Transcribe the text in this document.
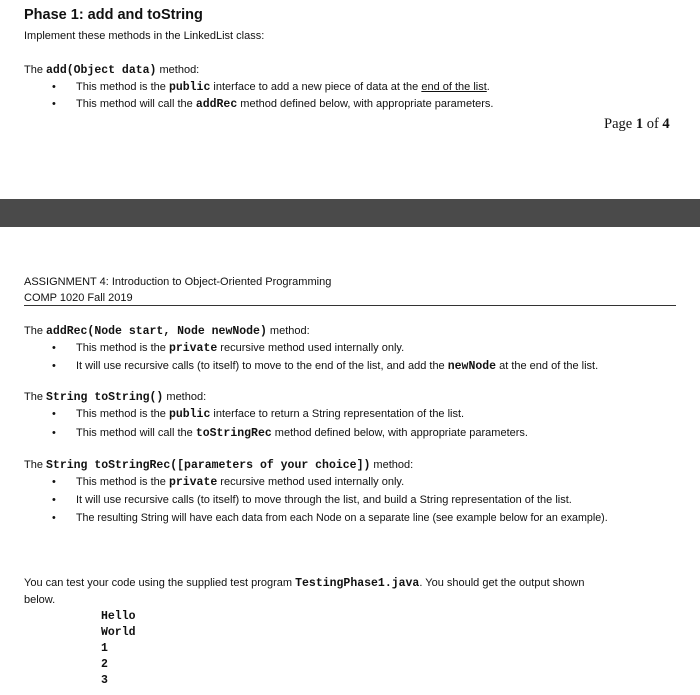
Phase 1: add and toString
Implement these methods in the LinkedList class:
The add(Object data) method:
• This method is the public interface to add a new piece of data at the end of the list.
• This method will call the addRec method defined below, with appropriate parameters.
Page 1 of 4
ASSIGNMENT 4: Introduction to Object-Oriented Programming
COMP 1020 Fall 2019
The addRec(Node start, Node newNode) method:
• This method is the private recursive method used internally only.
• It will use recursive calls (to itself) to move to the end of the list, and add the newNode at the end of the list.
The String toString() method:
• This method is the public interface to return a String representation of the list.
• This method will call the toStringRec method defined below, with appropriate parameters.
The String toStringRec([parameters of your choice]) method:
• This method is the private recursive method used internally only.
• It will use recursive calls (to itself) to move through the list, and build a String representation of the list.
• The resulting String will have each data from each Node on a separate line (see example below for an example).
You can test your code using the supplied test program TestingPhase1.java. You should get the output shown
below.
Hello
World
1
2
3
